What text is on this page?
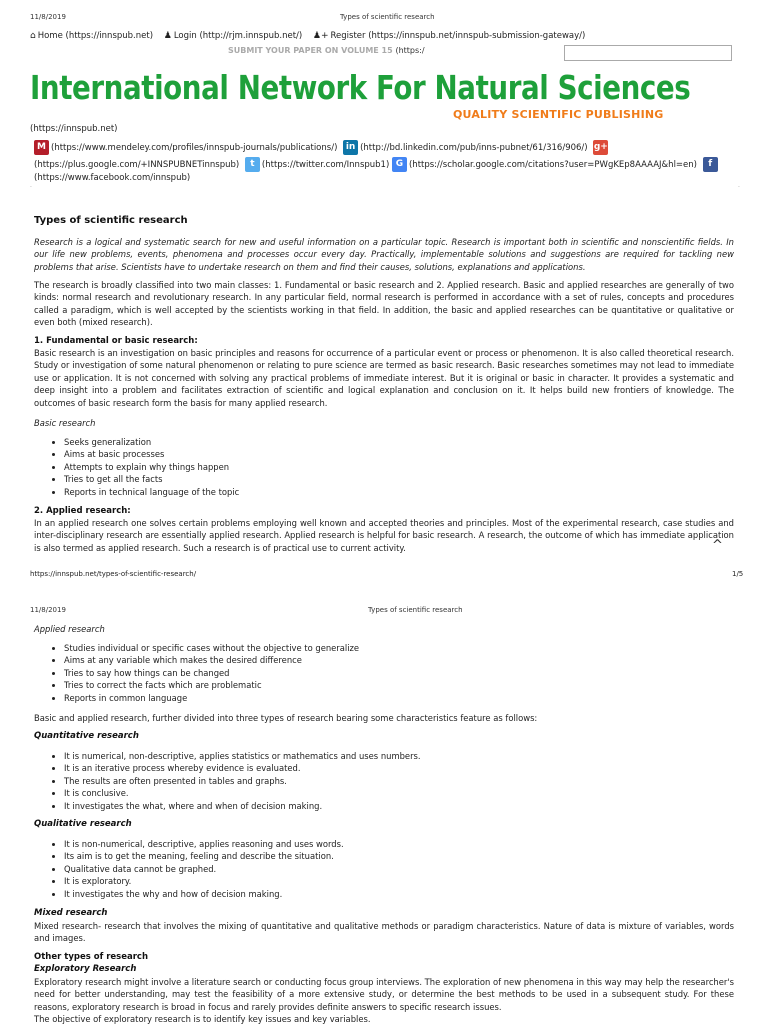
11/8/2019	Types of scientific research
⌂ Home (https://innspub.net) ♟ Login (http://rjm.innspub.net/) ♟+ Register (https://innspub.net/innspub-submission-gateway/)
SUBMIT YOUR PAPER ON VOLUME 15 (https:/
International Network For Natural Sciences
QUALITY SCIENTIFIC PUBLISHING
(https://innspub.net)
M (https://www.mendeley.com/profiles/innspub-journals/publications/) in (http://bd.linkedin.com/pub/inns-pubnet/61/316/906/) g+
(https://plus.google.com/+INNSPUBNETinnspub) t (https://twitter.com/Innspub1) G (https://scholar.google.com/citations?user=PWgKEp8AAAAJ&hl=en) f
(https://www.facebook.com/innspub)
·	·
Types of scientific research

Research is a logical and systematic search for new and useful information on a particular topic. Research is important both in scientific and nonscientific fields. In our life new problems, events, phenomena and processes occur every day. Practically, implementable solutions and suggestions are required for tackling new problems that arise. Scientists have to undertake research on them and find their causes, solutions, explanations and applications.

The research is broadly classified into two main classes: 1. Fundamental or basic research and 2. Applied research. Basic and applied researches are generally of two kinds: normal research and revolutionary research. In any particular field, normal research is performed in accordance with a set of rules, concepts and procedures called a paradigm, which is well accepted by the scientists working in that field. In addition, the basic and applied researches can be quantitative or qualitative or even both (mixed research).

1. Fundamental or basic research:

Basic research is an investigation on basic principles and reasons for occurrence of a particular event or process or phenomenon. It is also called theoretical research. Study or investigation of some natural phenomenon or relating to pure science are termed as basic research. Basic researches sometimes may not lead to immediate use or application. It is not concerned with solving any practical problems of immediate interest. But it is original or basic in character. It provides a systematic and deep insight into a problem and facilitates extraction of scientific and logical explanation and conclusion on it. It helps build new frontiers of knowledge. The outcomes of basic research form the basis for many applied research.

Basic research
• Seeks generalization
• Aims at basic processes
• Attempts to explain why things happen
• Tries to get all the facts
• Reports in technical language of the topic
2. Applied research:

In an applied research one solves certain problems employing well known and accepted theories and principles. Most of the experimental research, case studies and inter-disciplinary research are essentially applied research. Applied research is helpful for basic research. A research, the outcome of which has immediate application is also termed as applied research. Such a research is of practical use to current activity.	^
https://innspub.net/types-of-scientific-research/	1/5
11/8/2019	Types of scientific research
Applied research
• Studies individual or specific cases without the objective to generalize
• Aims at any variable which makes the desired difference
• Tries to say how things can be changed
• Tries to correct the facts which are problematic
• Reports in common language

Basic and applied research, further divided into three types of research bearing some characteristics feature as follows:

Quantitative research
• It is numerical, non-descriptive, applies statistics or mathematics and uses numbers.
• It is an iterative process whereby evidence is evaluated.
• The results are often presented in tables and graphs.
• It is conclusive.
• It investigates the what, where and when of decision making.
Qualitative research
• It is non-numerical, descriptive, applies reasoning and uses words.
• Its aim is to get the meaning, feeling and describe the situation.
• Qualitative data cannot be graphed.
• It is exploratory.
• It investigates the why and how of decision making.
Mixed research

Mixed research- research that involves the mixing of quantitative and qualitative methods or paradigm characteristics. Nature of data is mixture of variables, words and images.

Other types of research
Exploratory Research

Exploratory research might involve a literature search or conducting focus group interviews. The exploration of new phenomena in this way may help the researcher's need for better understanding, may test the feasibility of a more extensive study, or determine the best methods to be used in a subsequent study. For these reasons, exploratory research is broad in focus and rarely provides definite answers to specific research issues.

The objective of exploratory research is to identify key issues and key variables.
